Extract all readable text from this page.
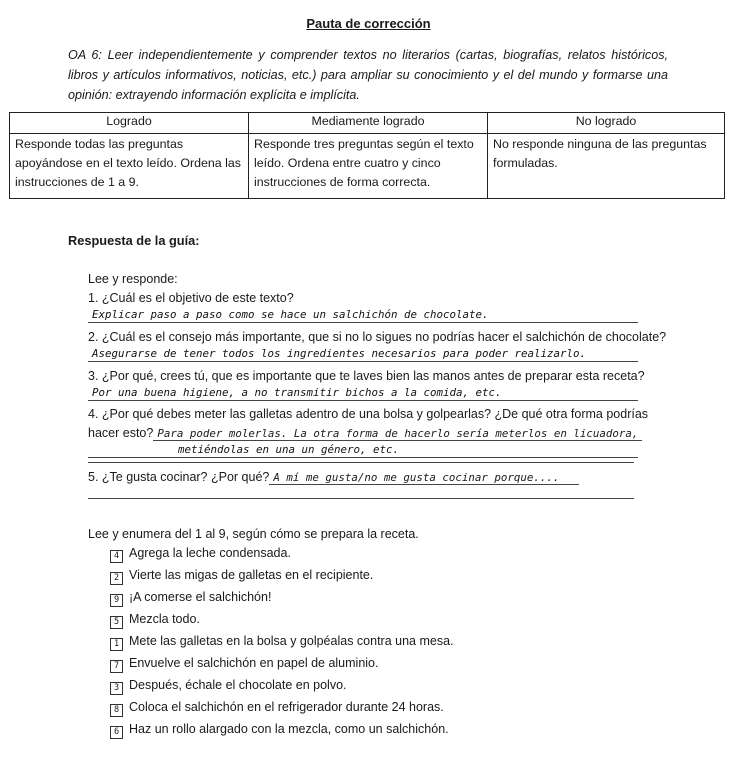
Pauta de corrección
OA 6: Leer independientemente y comprender textos no literarios (cartas, biografías, relatos históricos, libros y artículos informativos, noticias, etc.) para ampliar su conocimiento y el del mundo y formarse una opinión: extrayendo información explícita e implícita.
Logrado	Mediamente logrado	No logrado
Responde todas las preguntas apoyándose en el texto leído. Ordena las instrucciones de 1 a 9.	Responde tres preguntas según el texto leído. Ordena entre cuatro y cinco instrucciones de forma correcta.	No responde ninguna de las preguntas formuladas.
Respuesta de la guía:
Lee y responde:
1. ¿Cuál es el objetivo de este texto?
Explicar paso a paso como se hace un salchichón de chocolate.
2. ¿Cuál es el consejo más importante, que si no lo sigues no podrías hacer el salchichón de chocolate?
Asegurarse de tener todos los ingredientes necesarios para poder realizarlo.
3. ¿Por qué, crees tú, que es importante que te laves bien las manos antes de preparar esta receta?
Por una buena higiene, a no transmitir bichos a la comida, etc.
4. ¿Por qué debes meter las galletas adentro de una bolsa y golpearlas? ¿De qué otra forma podrías
hacer esto? Para poder molerlas. La otra forma de hacerlo sería meterlos en licuadora,
metiéndolas en una un género, etc.
5. ¿Te gusta cocinar? ¿Por qué? A mí me gusta/no me gusta cocinar porque....
Lee y enumera del 1 al 9, según cómo se prepara la receta.
4 Agrega la leche condensada.
2 Vierte las migas de galletas en el recipiente.
9 ¡A comerse el salchichón!
5 Mezcla todo.
1 Mete las galletas en la bolsa y golpéalas contra una mesa.
7 Envuelve el salchichón en papel de aluminio.
3 Después, échale el chocolate en polvo.
8 Coloca el salchichón en el refrigerador durante 24 horas.
6 Haz un rollo alargado con la mezcla, como un salchichón.
